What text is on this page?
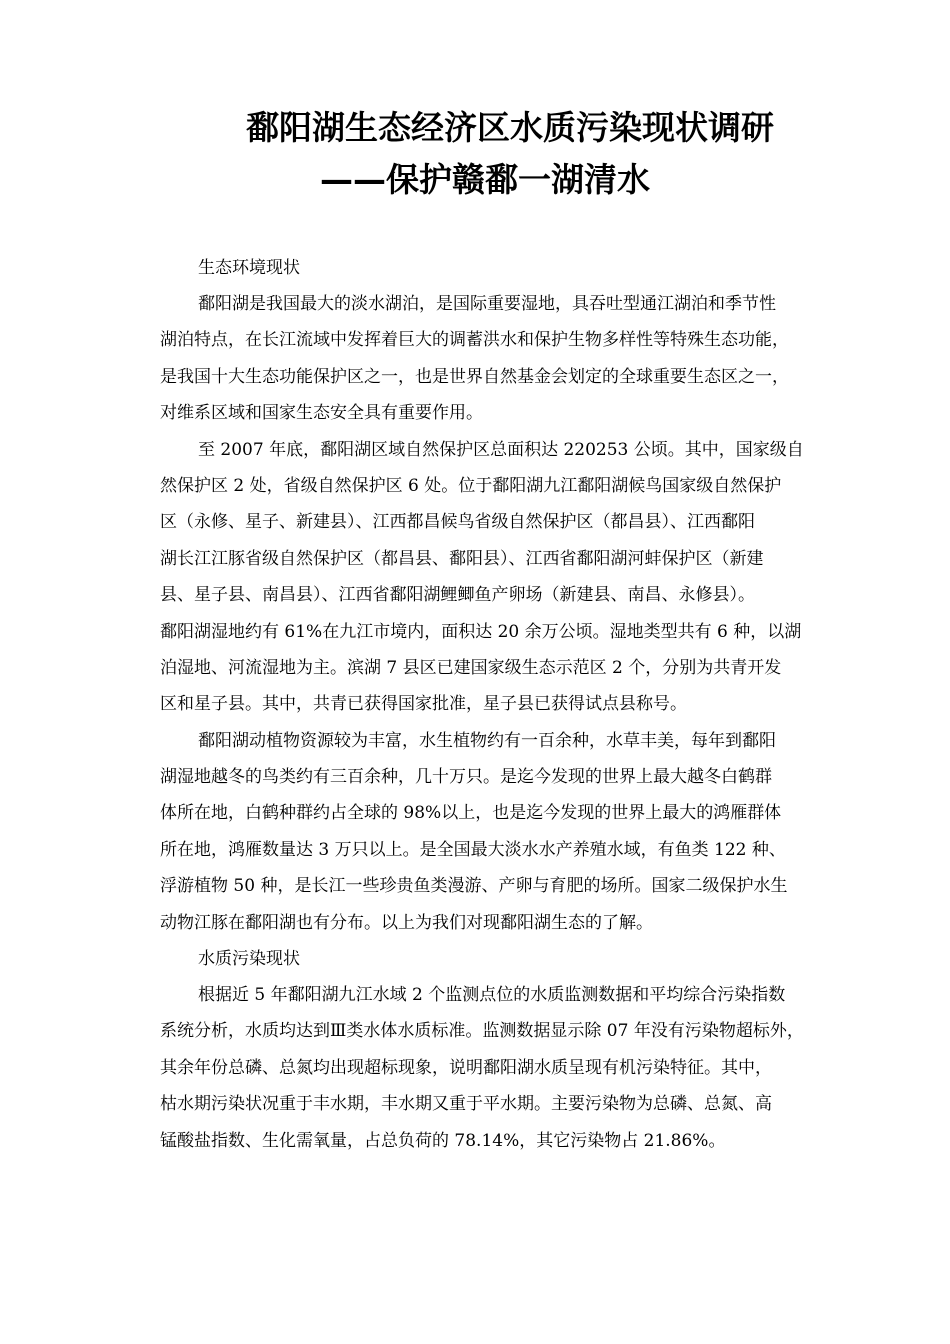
鄱阳湖生态经济区水质污染现状调研
——保护赣鄱一湖清水

生态环境现状

鄱阳湖是我国最大的淡水湖泊，是国际重要湿地，具吞吐型通江湖泊和季节性
湖泊特点，在长江流域中发挥着巨大的调蓄洪水和保护生物多样性等特殊生态功能，
是我国十大生态功能保护区之一，也是世界自然基金会划定的全球重要生态区之一，
对维系区域和国家生态安全具有重要作用。

至 2007 年底，鄱阳湖区域自然保护区总面积达 220253 公顷。其中，国家级自
然保护区 2 处，省级自然保护区 6 处。位于鄱阳湖九江鄱阳湖候鸟国家级自然保护
区（永修、星子、新建县）、江西都昌候鸟省级自然保护区（都昌县）、江西鄱阳
湖长江江豚省级自然保护区（都昌县、鄱阳县）、江西省鄱阳湖河蚌保护区（新建
县、星子县、南昌县）、江西省鄱阳湖鲤鲫鱼产卵场（新建县、南昌、永修县）。
鄱阳湖湿地约有 61%在九江市境内，面积达 20 余万公顷。湿地类型共有 6 种，以湖
泊湿地、河流湿地为主。滨湖 7 县区已建国家级生态示范区 2 个，分别为共青开发
区和星子县。其中，共青已获得国家批准，星子县已获得试点县称号。

鄱阳湖动植物资源较为丰富，水生植物约有一百余种，水草丰美，每年到鄱阳
湖湿地越冬的鸟类约有三百余种，几十万只。是迄今发现的世界上最大越冬白鹤群
体所在地，白鹤种群约占全球的 98%以上，也是迄今发现的世界上最大的鸿雁群体
所在地，鸿雁数量达 3 万只以上。是全国最大淡水水产养殖水域，有鱼类 122 种、
浮游植物 50 种，是长江一些珍贵鱼类漫游、产卵与育肥的场所。国家二级保护水生
动物江豚在鄱阳湖也有分布。以上为我们对现鄱阳湖生态的了解。

水质污染现状

根据近 5 年鄱阳湖九江水域 2 个监测点位的水质监测数据和平均综合污染指数
系统分析，水质均达到Ⅲ类水体水质标准。监测数据显示除 07 年没有污染物超标外，
其余年份总磷、总氮均出现超标现象，说明鄱阳湖水质呈现有机污染特征。其中，
枯水期污染状况重于丰水期，丰水期又重于平水期。主要污染物为总磷、总氮、高
锰酸盐指数、生化需氧量，占总负荷的 78.14%，其它污染物占 21.86%。
